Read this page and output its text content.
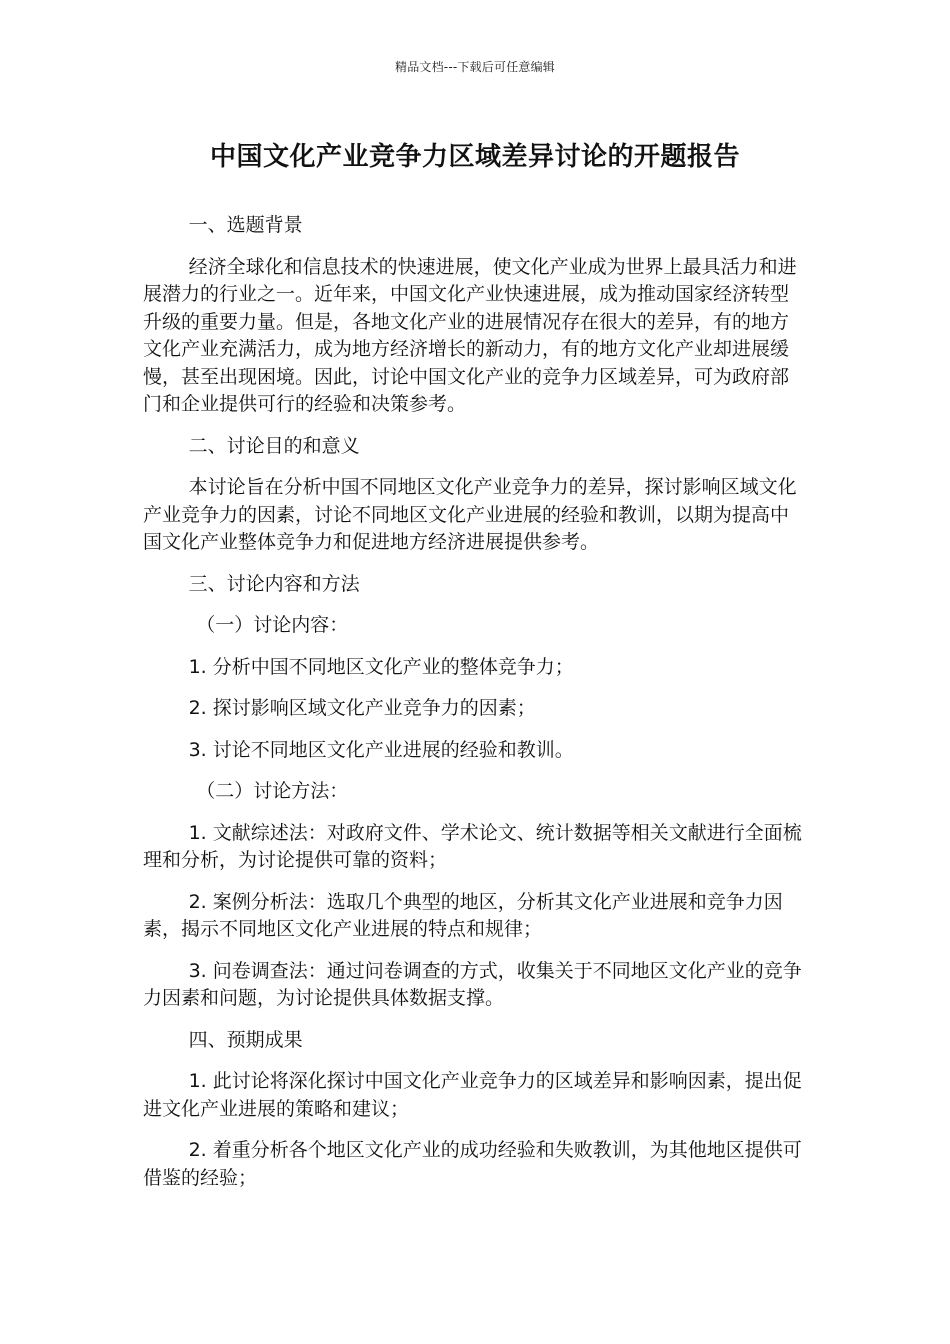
精品文档---下载后可任意编辑
中国文化产业竞争力区域差异讨论的开题报告

一、选题背景

经济全球化和信息技术的快速进展，使文化产业成为世界上最具活力和进展潜力的行业之一。近年来，中国文化产业快速进展，成为推动国家经济转型升级的重要力量。但是，各地文化产业的进展情况存在很大的差异，有的地方文化产业充满活力，成为地方经济增长的新动力，有的地方文化产业却进展缓慢，甚至出现困境。因此，讨论中国文化产业的竞争力区域差异，可为政府部门和企业提供可行的经验和决策参考。

二、讨论目的和意义

本讨论旨在分析中国不同地区文化产业竞争力的差异，探讨影响区域文化产业竞争力的因素，讨论不同地区文化产业进展的经验和教训，以期为提高中国文化产业整体竞争力和促进地方经济进展提供参考。

三、讨论内容和方法

（一）讨论内容：

1. 分析中国不同地区文化产业的整体竞争力；

2. 探讨影响区域文化产业竞争力的因素；

3. 讨论不同地区文化产业进展的经验和教训。

（二）讨论方法：

1. 文献综述法：对政府文件、学术论文、统计数据等相关文献进行全面梳理和分析，为讨论提供可靠的资料；

2. 案例分析法：选取几个典型的地区，分析其文化产业进展和竞争力因素，揭示不同地区文化产业进展的特点和规律；

3. 问卷调查法：通过问卷调查的方式，收集关于不同地区文化产业的竞争力因素和问题，为讨论提供具体数据支撑。

四、预期成果

1. 此讨论将深化探讨中国文化产业竞争力的区域差异和影响因素，提出促进文化产业进展的策略和建议；

2. 着重分析各个地区文化产业的成功经验和失败教训，为其他地区提供可借鉴的经验；
